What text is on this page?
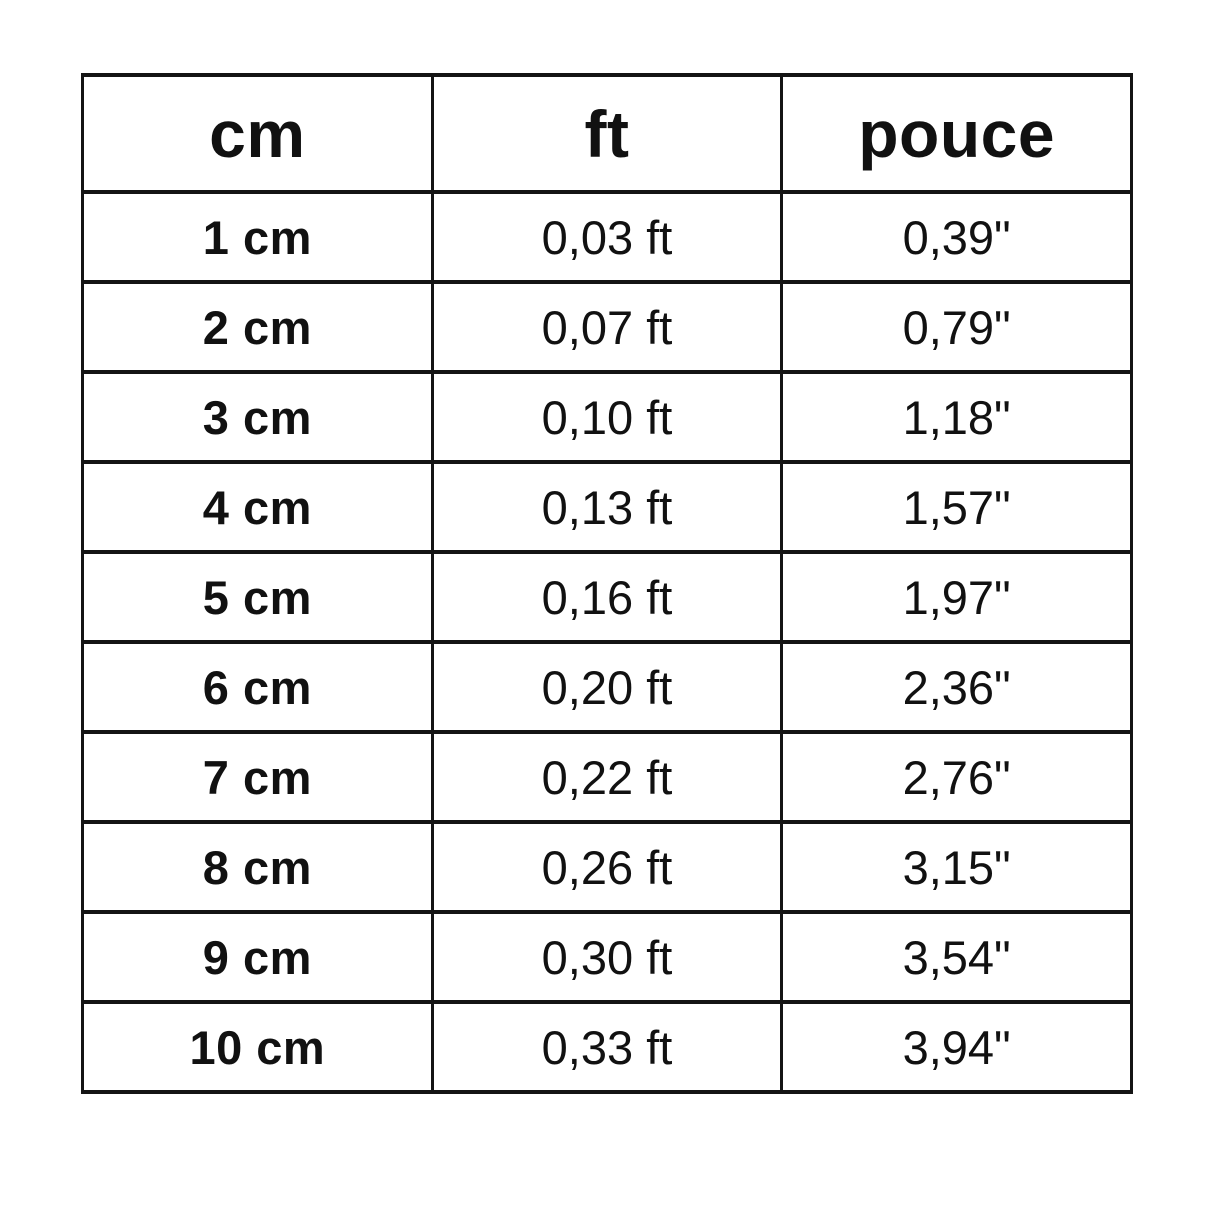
cm	ft	pouce
1 cm	0,03 ft	0,39"
2 cm	0,07 ft	0,79"
3 cm	0,10 ft	1,18"
4 cm	0,13 ft	1,57"
5 cm	0,16 ft	1,97"
6 cm	0,20 ft	2,36"
7 cm	0,22 ft	2,76"
8 cm	0,26 ft	3,15"
9 cm	0,30 ft	3,54"
10 cm	0,33 ft	3,94"
